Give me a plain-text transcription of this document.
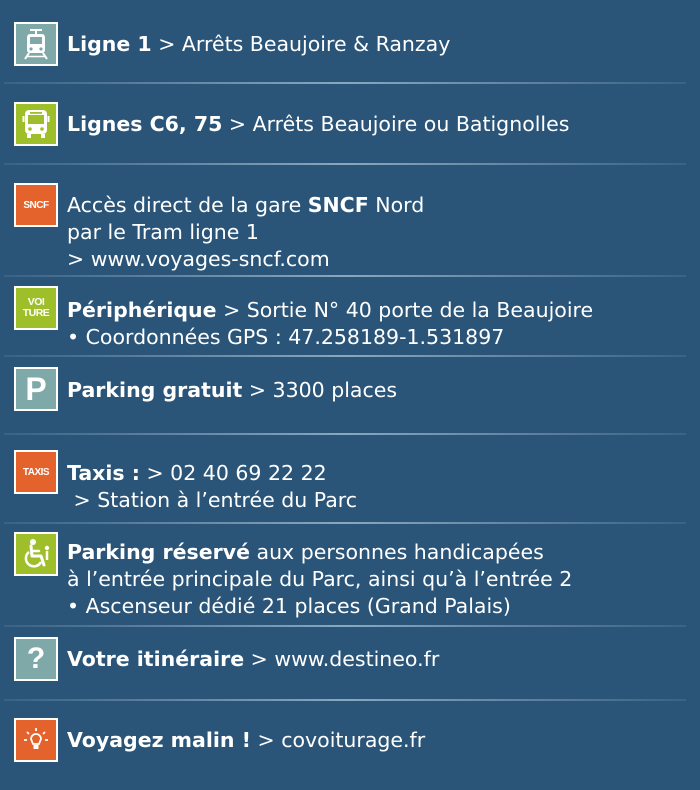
Ligne 1 > Arrêts Beaujoire & Ranzay
Lignes C6, 75 > Arrêts Beaujoire ou Batignolles
SNCF Accès direct de la gare SNCF Nord
par le Tram ligne 1
> www.voyages-sncf.com
VOI
TURE Périphérique > Sortie N° 40 porte de la Beaujoire
• Coordonnées GPS : 47.258189-1.531897
P Parking gratuit > 3300 places
TAXIS Taxis : > 02 40 69 22 22
> Station à l’entrée du Parc
Parking réservé aux personnes handicapées
à l’entrée principale du Parc, ainsi qu’à l’entrée 2
• Ascenseur dédié 21 places (Grand Palais)
? Votre itinéraire > www.destineo.fr
Voyagez malin ! > covoiturage.fr
